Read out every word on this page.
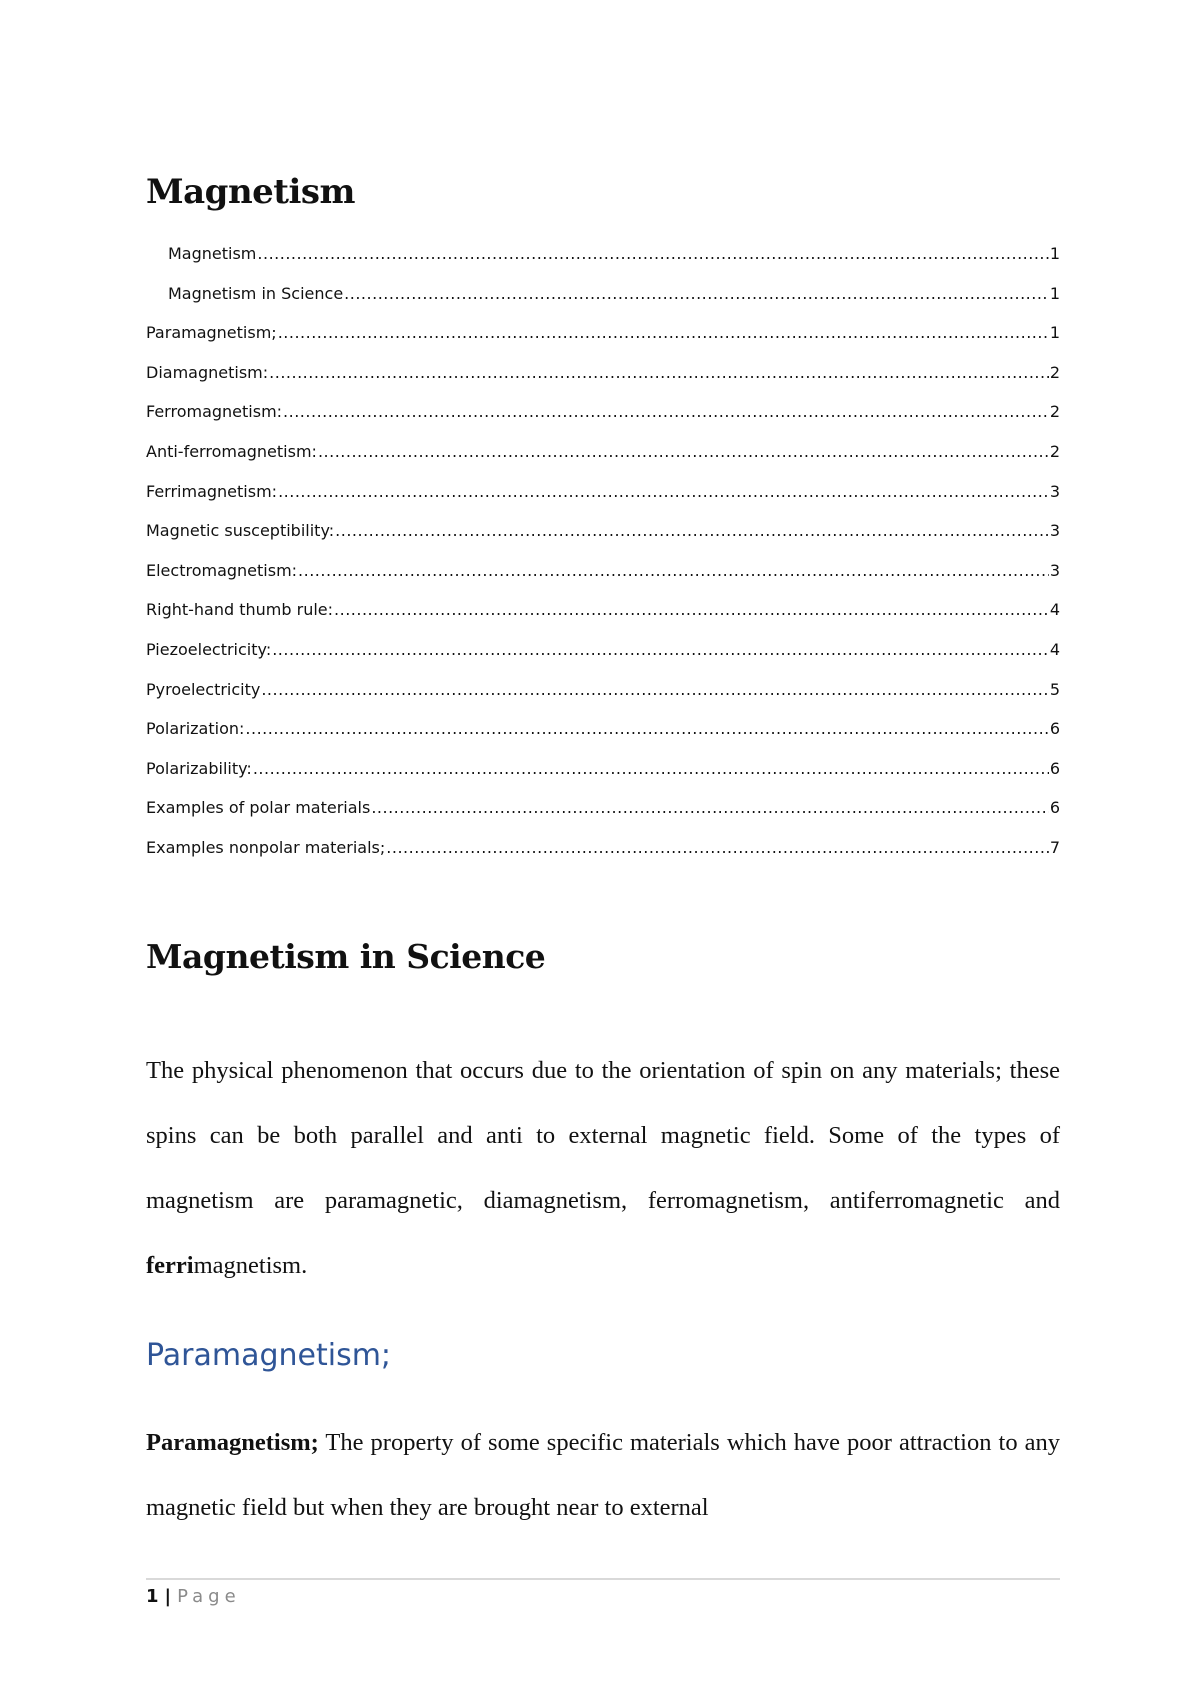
Magnetism
Magnetism .....	1
Magnetism in Science .....	1
Paramagnetism; .....	1
Diamagnetism: .....	2
Ferromagnetism: .....	2
Anti-ferromagnetism: .....	2
Ferrimagnetism: .....	3
Magnetic susceptibility: .....	3
Electromagnetism: .....	3
Right-hand thumb rule: .....	4
Piezoelectricity: .....	4
Pyroelectricity .....	5
Polarization: .....	6
Polarizability: .....	6
Examples of polar materials .....	6
Examples nonpolar materials; .....	7
Magnetism in Science

The physical phenomenon that occurs due to the orientation of spin on any materials; these spins can be both parallel and anti to external magnetic field. Some of the types of magnetism are paramagnetic, diamagnetism, ferromagnetism, antiferromagnetic and ferrimagnetism.

Paramagnetism;

Paramagnetism; The property of some specific materials which have poor attraction to any magnetic field but when they are brought near to external

1 | Page
